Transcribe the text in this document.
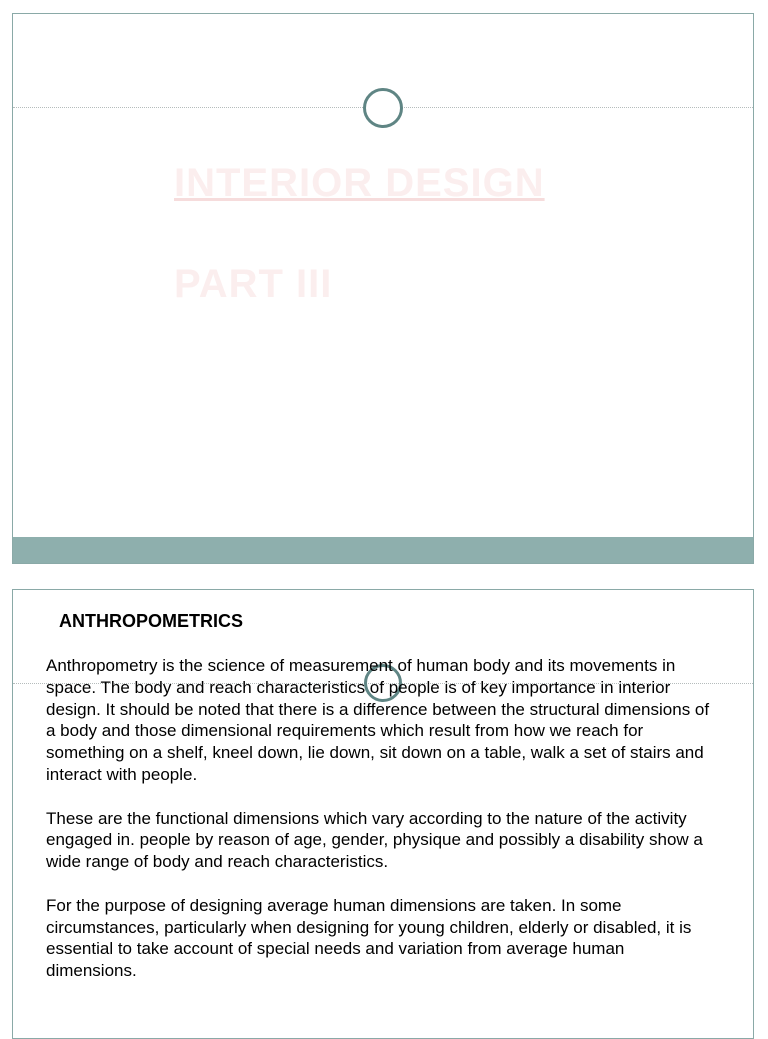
INTERIOR DESIGN
PART III
ANTHROPOMETRICS

Anthropometry is the science of measurement of human body and its movements in space. The body and reach characteristics of people is of key importance in interior design. It should be noted that there is a difference between the structural dimensions of a body and those dimensional requirements which result from how we reach for something on a shelf, kneel down, lie down, sit down on a table, walk a set of stairs and interact with people.

These are the functional dimensions which vary according to the nature of the activity engaged in. people by reason of age, gender, physique and possibly a disability show a wide range of body and reach characteristics.

For the purpose of designing average human dimensions are taken. In some circumstances, particularly when designing for young children, elderly or disabled, it is essential to take account of special needs and variation from average human dimensions.
